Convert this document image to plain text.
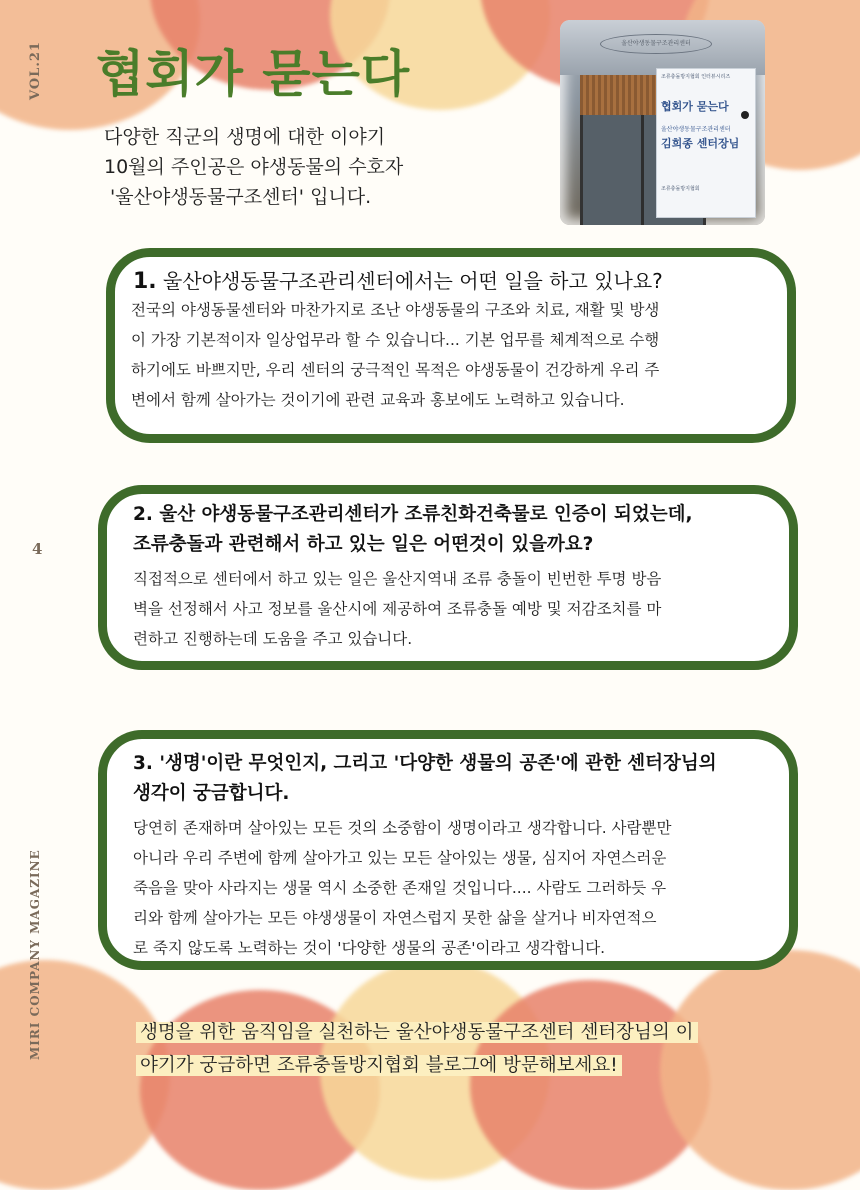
VOL.21
4
MIRI COMPANY MAGAZINE
협회가 묻는다
다양한 직군의 생명에 대한 이야기
10월의 주인공은 야생동물의 수호자
'울산야생동물구조센터' 입니다.
울산야생동물구조관리센터
조류충돌방지협회 인터뷰시리즈
협회가 묻는다
울산야생동물구조관리센터
김희종 센터장님
조류충돌방지협회

1. 울산야생동물구조관리센터에서는 어떤 일을 하고 있나요?

전국의 야생동물센터와 마찬가지로 조난 야생동물의 구조와 치료, 재활 및 방생
이 가장 기본적이자 일상업무라 할 수 있습니다... 기본 업무를 체계적으로 수행
하기에도 바쁘지만, 우리 센터의 궁극적인 목적은 야생동물이 건강하게 우리 주
변에서 함께 살아가는 것이기에 관련 교육과 홍보에도 노력하고 있습니다.
2. 울산 야생동물구조관리센터가 조류친화건축물로 인증이 되었는데,
조류충돌과 관련해서 하고 있는 일은 어떤것이 있을까요?
직접적으로 센터에서 하고 있는 일은 울산지역내 조류 충돌이 빈번한 투명 방음
벽을 선정해서 사고 정보를 울산시에 제공하여 조류충돌 예방 및 저감조치를 마
련하고 진행하는데 도움을 주고 있습니다.
3. '생명'이란 무엇인지, 그리고 '다양한 생물의 공존'에 관한 센터장님의
생각이 궁금합니다.
당연히 존재하며 살아있는 모든 것의 소중함이 생명이라고 생각합니다. 사람뿐만
아니라 우리 주변에 함께 살아가고 있는 모든 살아있는 생물, 심지어 자연스러운
죽음을 맞아 사라지는 생물 역시 소중한 존재일 것입니다.... 사람도 그러하듯 우
리와 함께 살아가는 모든 야생생물이 자연스럽지 못한 삶을 살거나 비자연적으
로 죽지 않도록 노력하는 것이 '다양한 생물의 공존'이라고 생각합니다.
생명을 위한 움직임을 실천하는 울산야생동물구조센터 센터장님의 이
야기가 궁금하면 조류충돌방지협회 블로그에 방문해보세요!
